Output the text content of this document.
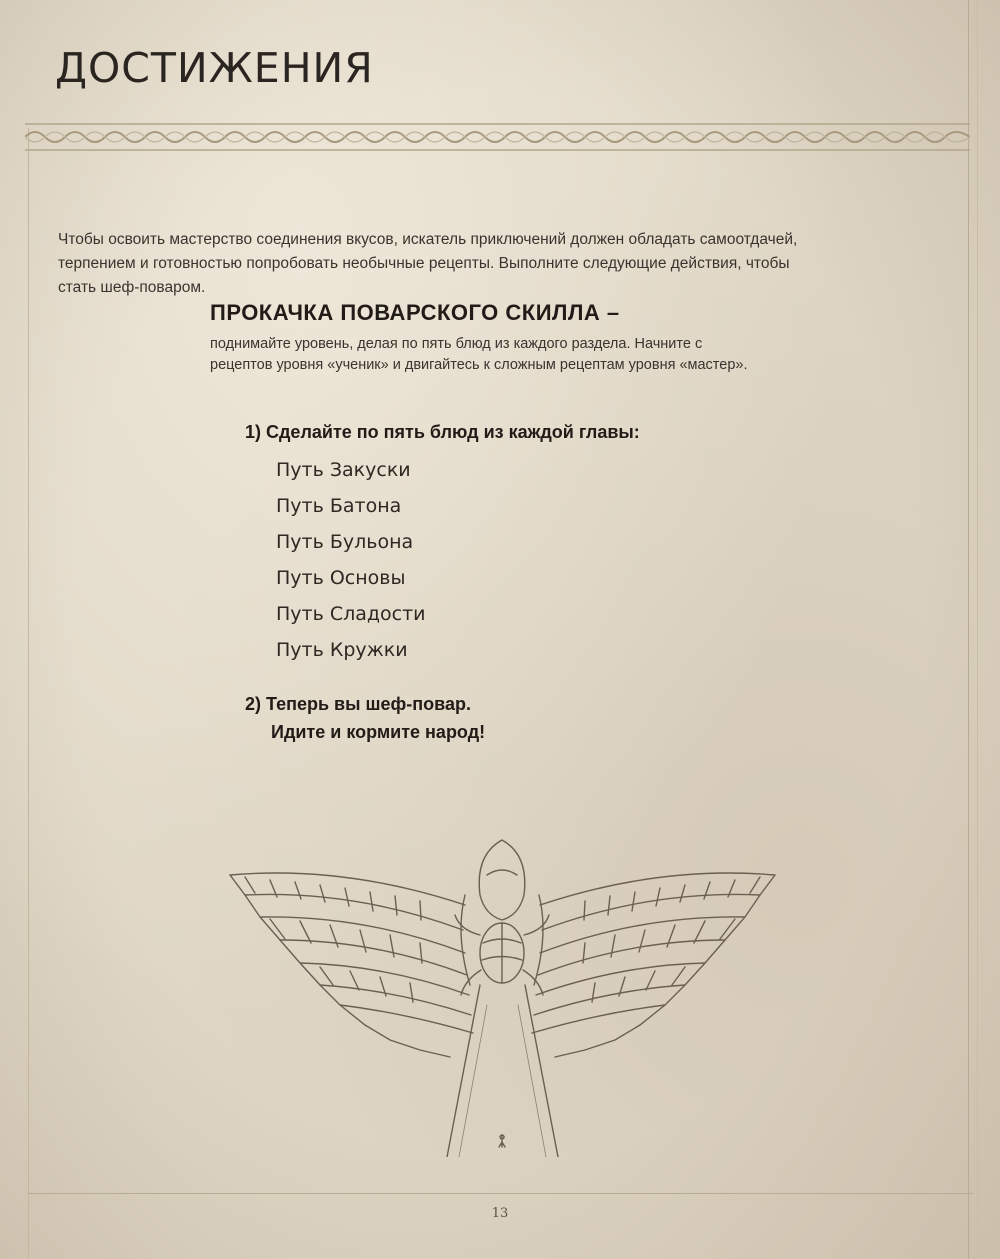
ДОСТИЖЕНИЯ

Чтобы освоить мастерство соединения вкусов, искатель приключений должен обладать самоотдачей, терпением и готовностью попробовать необычные рецепты. Выполните следующие действия, чтобы стать шеф-поваром.

ПРОКАЧКА ПОВАРСКОГО СКИЛЛА –
поднимайте уровень, делая по пять блюд из каждого раздела. Начните с рецептов уровня «ученик» и двигайтесь к сложным рецептам уровня «мастер».
1) Сделайте по пять блюд из каждой главы:
Путь Закуски
Путь Батона
Путь Бульона
Путь Основы
Путь Сладости
Путь Кружки
2) Теперь вы шеф-повар.
Идите и кормите народ!
13
